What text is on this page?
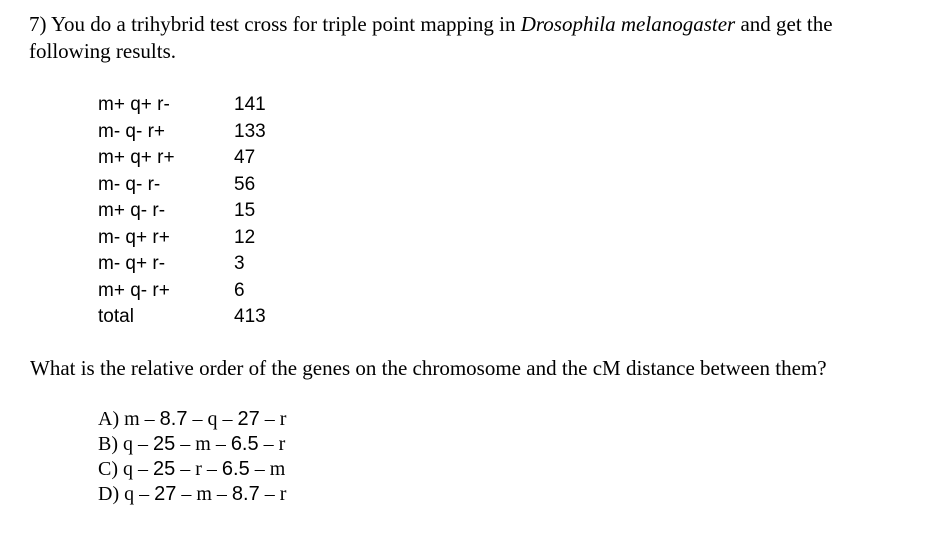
7) You do a trihybrid test cross for triple point mapping in Drosophila melanogaster and get the following results.

m+ q+ r-	141
m- q- r+	133
m+ q+ r+	47
m- q- r-	56
m+ q- r-	15
m- q+ r+	12
m- q+ r-	3
m+ q- r+	6
total	413

What is the relative order of the genes on the chromosome and the cM distance between them?

A) m – 8.7 – q – 27 – r
B) q – 25 – m – 6.5 – r
C) q – 25 – r – 6.5 – m
D) q – 27 – m – 8.7 – r
